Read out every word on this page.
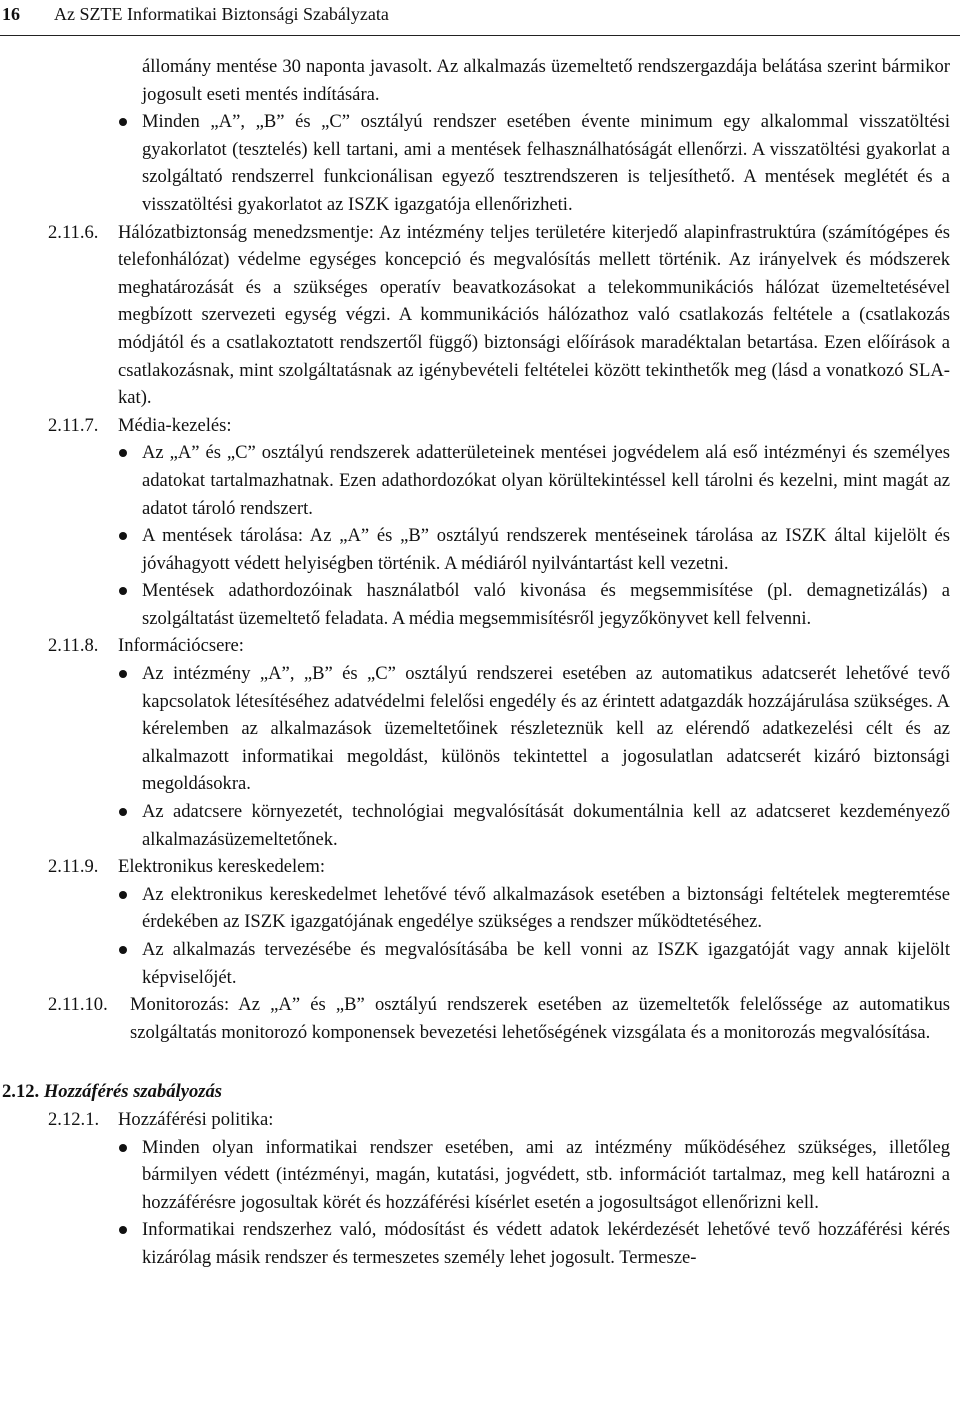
16 Az SZTE Informatikai Biztonsági Szabályzata

állomány mentése 30 naponta javasolt. Az alkalmazás üzemeltető rendszergazdája belátása szerint bármikor jogosult eseti mentés indítására.

Minden „A”, „B” és „C” osztályú rendszer esetében évente minimum egy alkalommal visszatöltési gyakorlatot (tesztelés) kell tartani, ami a mentések felhasználhatóságát ellenőrzi. A visszatöltési gyakorlat a szolgáltató rendszerrel funkcionálisan egyező tesztrendszeren is teljesíthető. A mentések meglétét és a visszatöltési gyakorlatot az ISZK igazgatója ellenőrizheti.
2.11.6.	Hálózatbiztonság menedzsmentje: Az intézmény teljes területére kiterjedő alapinfrastruktúra (számítógépes és telefonhálózat) védelme egységes koncepció és megvalósítás mellett történik. Az irányelvek és módszerek meghatározását és a szükséges operatív beavatkozásokat a telekommunikációs hálózat üzemeltetésével megbízott szervezeti egység végzi. A kommunikációs hálózathoz való csatlakozás feltétele a (csatlakozás módjától és a csatlakoztatott rendszertől függő) biztonsági előírások maradéktalan betartása. Ezen előírások a csatlakozásnak, mint szolgáltatásnak az igénybevételi feltételei között tekinthetők meg (lásd a vonatkozó SLA-kat).
2.11.7.	Média-kezelés:
Az „A” és „C” osztályú rendszerek adatterületeinek mentései jogvédelem alá eső intézményi és személyes adatokat tartalmazhatnak. Ezen adathordozókat olyan körültekintéssel kell tárolni és kezelni, mint magát az adatot tároló rendszert.
A mentések tárolása: Az „A” és „B” osztályú rendszerek mentéseinek tárolása az ISZK által kijelölt és jóváhagyott védett helyiségben történik. A médiáról nyilvántartást kell vezetni.
Mentések adathordozóinak használatból való kivonása és megsemmisítése (pl. demagnetizálás) a szolgáltatást üzemeltető feladata. A média megsemmisítésről jegyzőkönyvet kell felvenni.
2.11.8.	Információcsere:
Az intézmény „A”, „B” és „C” osztályú rendszerei esetében az automatikus adatcserét lehetővé tevő kapcsolatok létesítéséhez adatvédelmi felelősi engedély és az érintett adatgazdák hozzájárulása szükséges. A kérelemben az alkalmazások üzemeltetőinek részleteznük kell az elérendő adatkezelési célt és az alkalmazott informatikai megoldást, különös tekintettel a jogosulatlan adatcserét kizáró biztonsági megoldásokra.
Az adatcsere környezetét, technológiai megvalósítását dokumentálnia kell az adatcseret kezdeményező alkalmazásüzemeltetőnek.
2.11.9.	Elektronikus kereskedelem:
Az elektronikus kereskedelmet lehetővé tévő alkalmazások esetében a biztonsági feltételek megteremtése érdekében az ISZK igazgatójának engedélye szükséges a rendszer működtetéséhez.
Az alkalmazás tervezésébe és megvalósításába be kell vonni az ISZK igazgatóját vagy annak kijelölt képviselőjét.
2.11.10.	Monitorozás: Az „A” és „B” osztályú rendszerek esetében az üzemeltetők felelőssége az automatikus szolgáltatás monitorozó komponensek bevezetési lehetőségének vizsgálata és a monitorozás megvalósítása.
2.12. Hozzáférés szabályozás
2.12.1.	Hozzáférési politika:
Minden olyan informatikai rendszer esetében, ami az intézmény működéséhez szükséges, illetőleg bármilyen védett (intézményi, magán, kutatási, jogvédett, stb. információt tartalmaz, meg kell határozni a hozzáférésre jogosultak körét és hozzáférési kísérlet esetén a jogosultságot ellenőrizni kell.
Informatikai rendszerhez való, módosítást és védett adatok lekérdezését lehetővé tevő hozzáférési kérés kizárólag másik rendszer és termeszetes személy lehet jogosult. Termesze-
